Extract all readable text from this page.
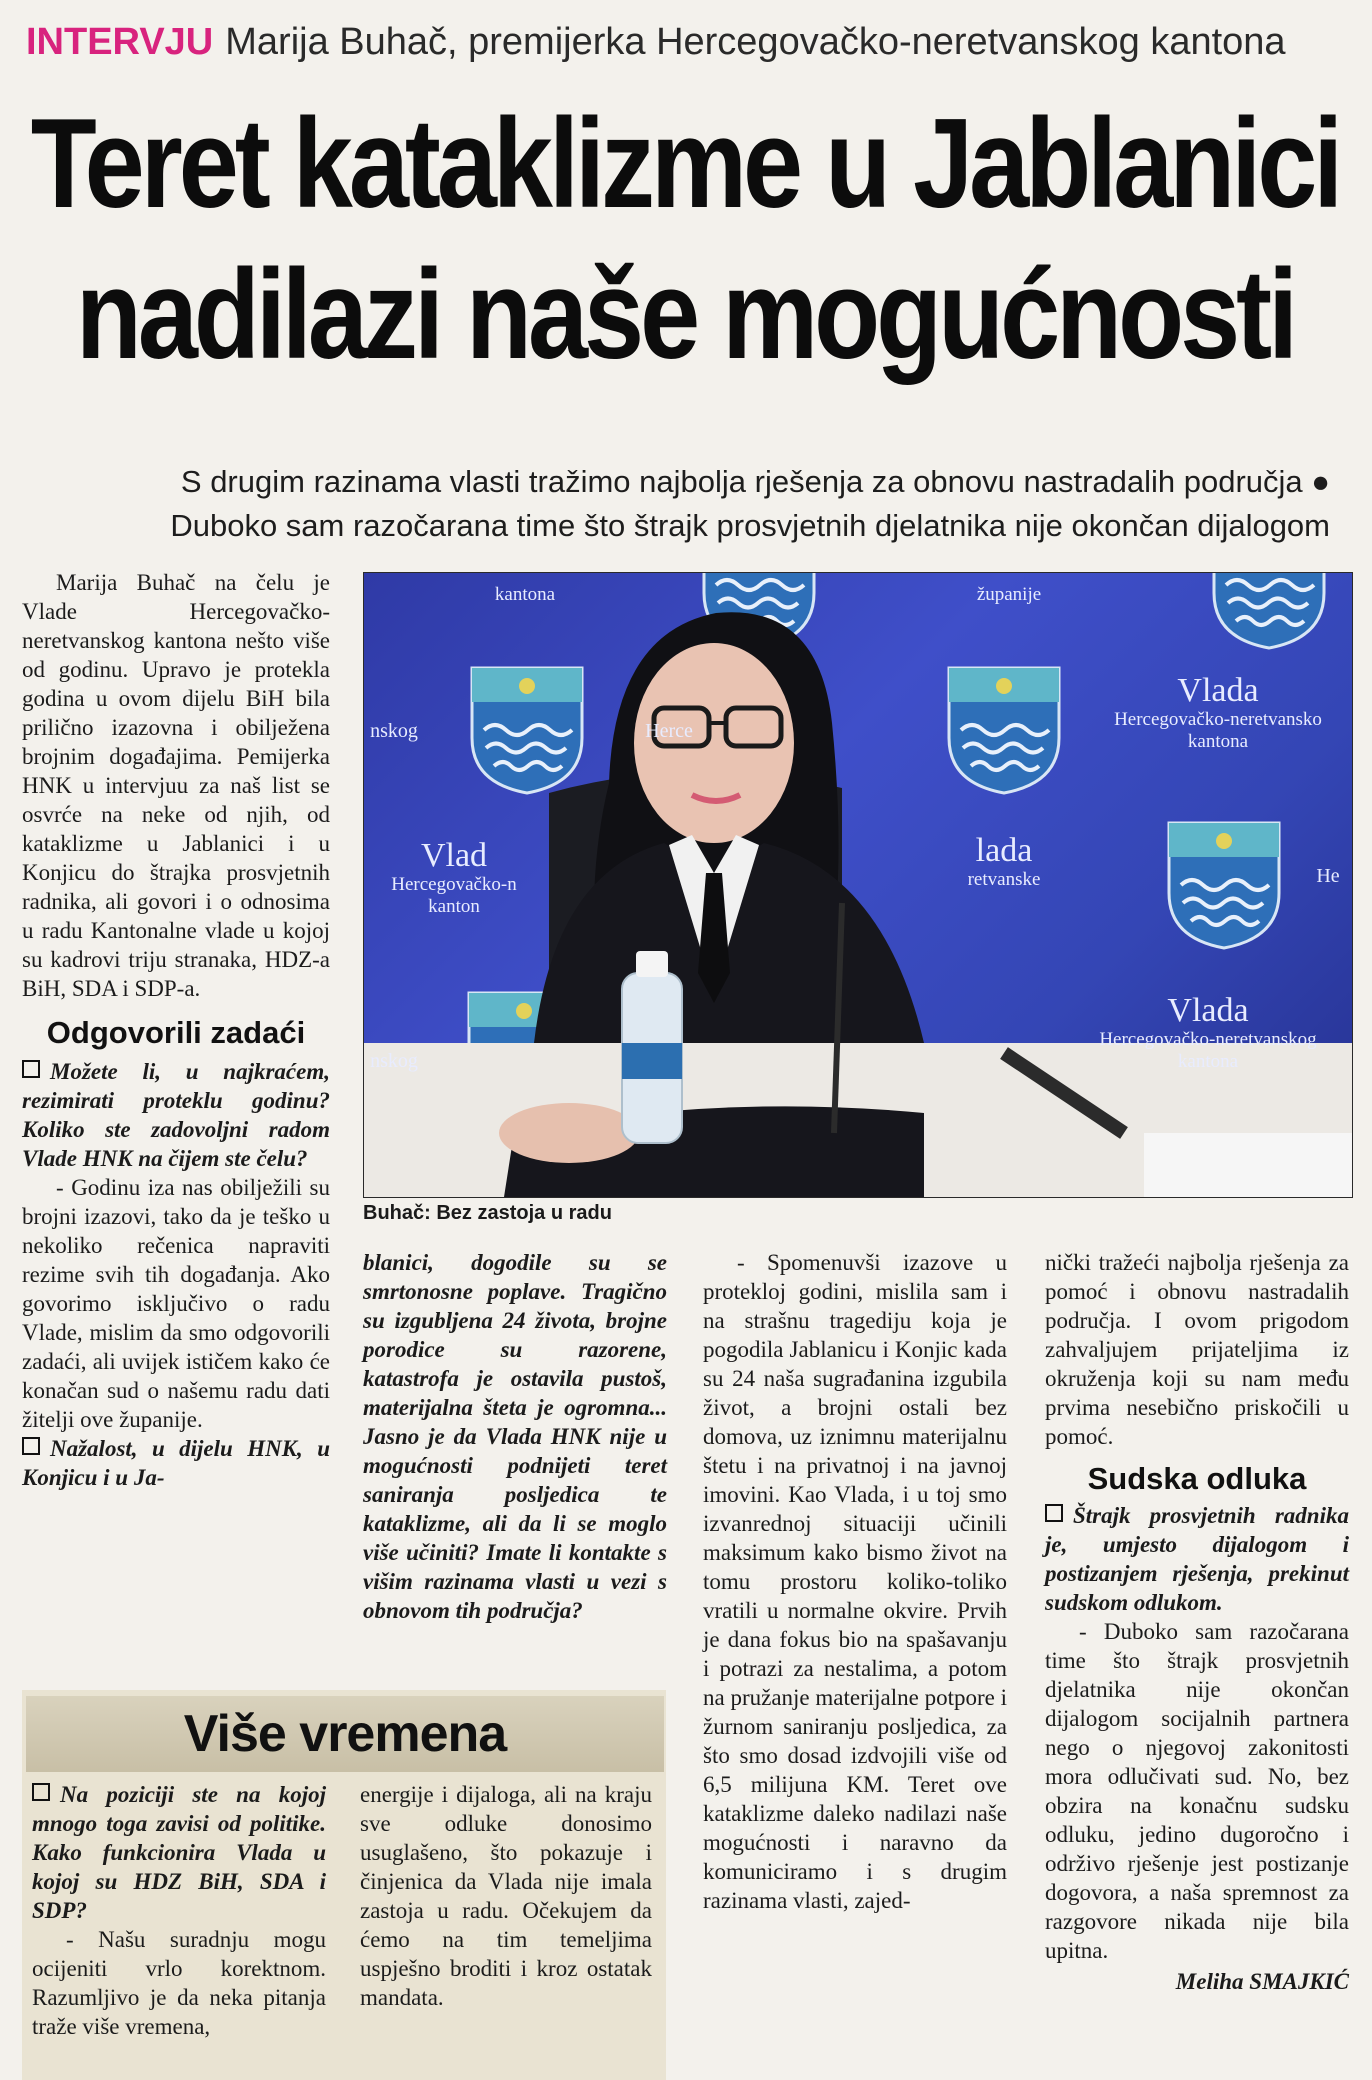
INTERVJU Marija Buhač, premijerka Hercegovačko-neretvanskog kantona
Teret kataklizme u Jablanici
nadilazi naše mogućnosti

S drugim razinama vlasti tražimo najbolja rješenja za obnovu nastradalih područja ●

Duboko sam razočarana time što štrajk prosvjetnih djelatnika nije okončan dijalogom

Marija Buhač na čelu je Vlade Hercegovačko-neretvanskog kantona nešto više od godinu. Upravo je protekla godina u ovom dijelu BiH bila prilično izazovna i obilježena brojnim događajima. Pemijerka HNK u intervjuu za naš list se osvrće na neke od njih, od kataklizme u Jablanici i u Konjicu do štrajka prosvjetnih radnika, ali govori i o odnosima u radu Kantonalne vlade u kojoj su kadrovi triju stranaka, HDZ-a BiH, SDA i SDP-a.

Odgovorili zadaći

Možete li, u najkraćem, rezimirati proteklu godinu? Koliko ste zadovoljni radom Vlade HNK na čijem ste čelu?

- Godinu iza nas obilježili su brojni izazovi, tako da je teško u nekoliko rečenica napraviti rezime svih tih događanja. Ako govorimo isključivo o radu Vlade, mislim da smo odgovorili zadaći, ali uvijek ističem kako će konačan sud o našemu radu dati žitelji ove županije.

Nažalost, u dijelu HNK, u Konjicu i u Ja-

kantona	županije
nskog	Herce
Vlada
Hercegovačko-neretvansko
kantona
Vlad
Hercegovačko-n
kanton
lada
retvanske	He
Vlada
Hercegovačko-neretvanskog
kantona
nskog
Buhač: Bez zastoja u radu

blanici, dogodile su se smrtonosne poplave. Tragično su izgubljena 24 života, brojne porodice su razorene, katastrofa je ostavila pustoš, materijalna šteta je ogromna... Jasno je da Vlada HNK nije u mogućnosti podnijeti teret saniranja posljedica te kataklizme, ali da li se moglo više učiniti? Imate li kontakte s višim razinama vlasti u vezi s obnovom tih područja?

- Spomenuvši izazove u protekloj godini, mislila sam i na strašnu tragediju koja je pogodila Jablanicu i Konjic kada su 24 naša sugrađanina izgubila život, a brojni ostali bez domova, uz iznimnu materijalnu štetu i na privatnoj i na javnoj imovini. Kao Vlada, i u toj smo izvanrednoj situaciji učinili maksimum kako bismo život na tomu prostoru koliko-toliko vratili u normalne okvire. Prvih je dana fokus bio na spašavanju i potrazi za nestalima, a potom na pružanje materijalne potpore i žurnom saniranju posljedica, za što smo dosad izdvojili više od 6,5 milijuna KM. Teret ove kataklizme daleko nadilazi naše mogućnosti i naravno da komuniciramo i s drugim razinama vlasti, zajed-

nički tražeći najbolja rješenja za pomoć i obnovu nastradalih područja. I ovom prigodom zahvaljujem prijateljima iz okruženja koji su nam među prvima nesebično priskočili u pomoć.

Sudska odluka

Štrajk prosvjetnih radnika je, umjesto dijalogom i postizanjem rješenja, prekinut sudskom odlukom.

- Duboko sam razočarana time što štrajk prosvjetnih djelatnika nije okončan dijalogom socijalnih partnera nego o njegovoj zakonitosti mora odlučivati sud. No, bez obzira na konačnu sudsku odluku, jedino dugoročno i održivo rješenje jest postizanje dogovora, a naša spremnost za razgovore nikada nije bila upitna.

Meliha SMAJKIĆ

Više vremena

Na poziciji ste na kojoj mnogo toga zavisi od politike. Kako funkcionira Vlada u kojoj su HDZ BiH, SDA i SDP?

- Našu suradnju mogu ocijeniti vrlo korektnom. Razumljivo je da neka pitanja traže više vremena,

energije i dijaloga, ali na kraju sve odluke donosimo usuglašeno, što pokazuje i činjenica da Vlada nije imala zastoja u radu. Očekujem da ćemo na tim temeljima uspješno broditi i kroz ostatak mandata.
